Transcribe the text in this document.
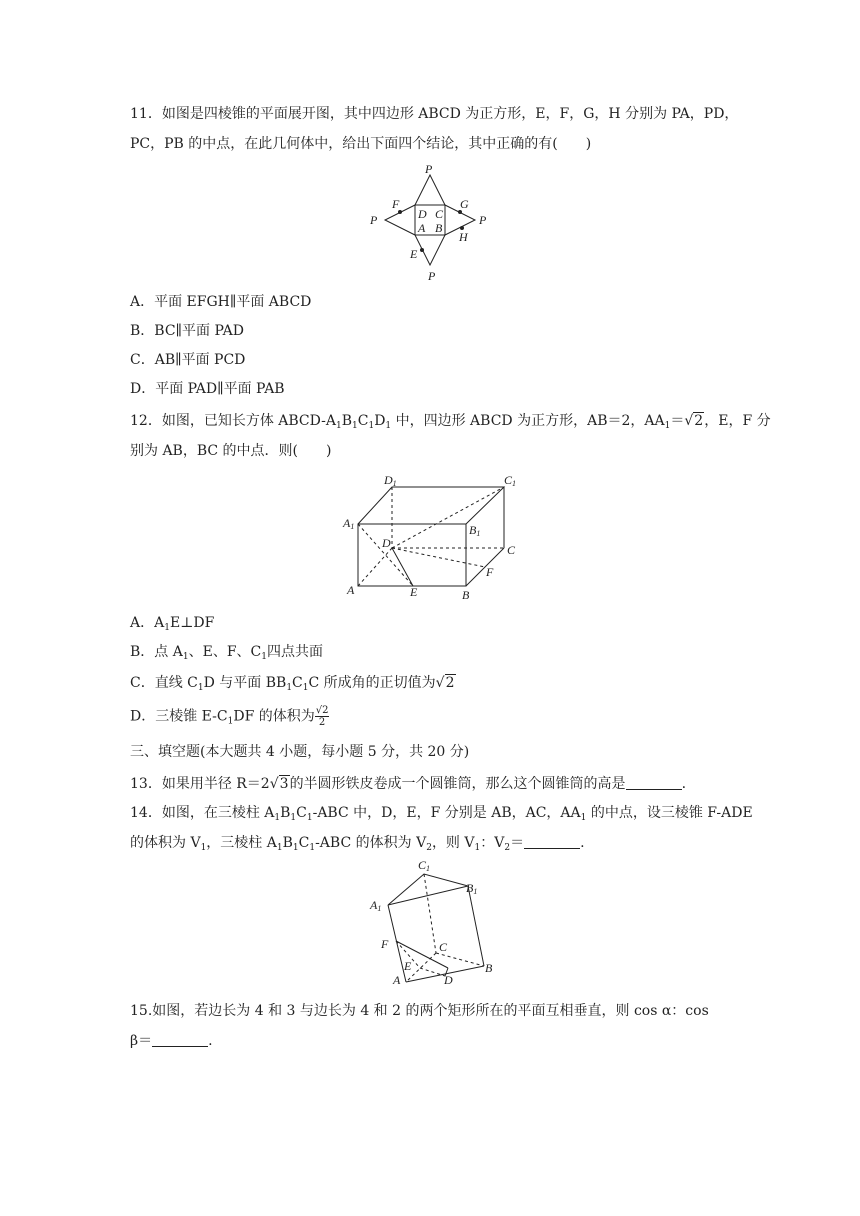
11．如图是四棱锥的平面展开图，其中四边形 ABCD 为正方形，E，F，G，H 分别为 PA，PD，
PC，PB 的中点，在此几何体中，给出下面四个结论，其中正确的有(　　)
P
P	P
P
F	G
E
H
D C
A B
A．平面 EFGH∥平面 ABCD
B．BC∥平面 PAD
C．AB∥平面 PCD
D．平面 PAD∥平面 PAB
12．如图，已知长方体 ABCD-$A_1B_1C_1D_1$ 中，四边形 ABCD 为正方形，AB＝2，$AA_1=√2$，E，F 分
别为 AB，BC 的中点．则(　　)
D1	C1
A1	B1
D	C
F
A	E	B
A．$A_1E\perp DF$
B．点 $A_1$、E、F、$C_1$四点共面
C．直线 $C_1D$ 与平面 $BB_1C_1C$ 所成角的正切值为√2
D．三棱锥 $E-C_1DF$ 的体积为 $\frac{√2}{2}$
三、填空题(本大题共 4 小题，每小题 5 分，共 20 分)
13．如果用半径 R＝2√3的半圆形铁皮卷成一个圆锥筒，那么这个圆锥筒的高是	.
14．如图，在三棱柱 $A_1B_1C_1$-ABC 中，D，E，F 分别是 AB，AC，$AA_1$ 的中点，设三棱锥 F-ADE
的体积为 $V_1$，三棱柱 $A_1B_1C_1$-ABC 的体积为 $V_2$，则 $V_1$：$V_2=$	.
C1
B1
A1
F	C
E
A	D
B
15.如图，若边长为 4 和 3 与边长为 4 和 2 的两个矩形所在的平面互相垂直，则 cos α：cos
β＝	.
